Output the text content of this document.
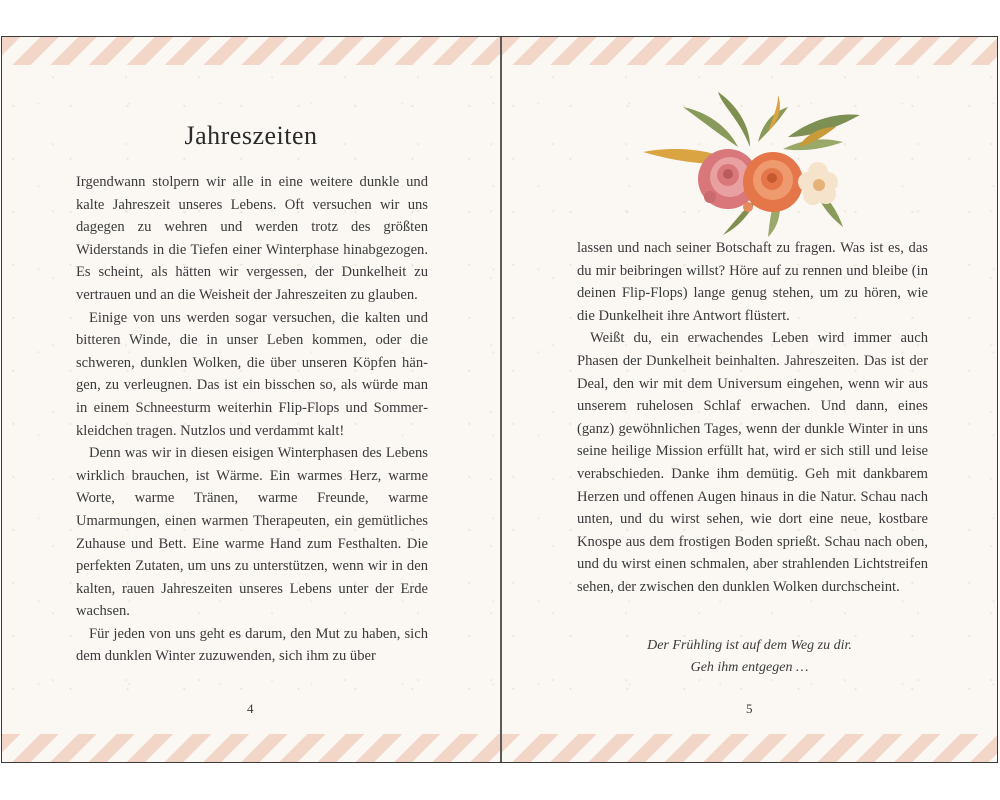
Jahreszeiten

Irgendwann stolpern wir alle in eine weitere dunkle und kalte Jahreszeit unseres Lebens. Oft versuchen wir uns dagegen zu wehren und werden trotz des größten Widerstands in die Tiefen einer Winterphase hinabgezogen. Es scheint, als hätten wir vergessen, der Dunkelheit zu vertrauen und an die Weisheit der Jahreszeiten zu glauben.

Einige von uns werden sogar versuchen, die kalten und bitteren Winde, die in unser Leben kommen, oder die schweren, dunklen Wolken, die über unseren Köpfen hängen, zu verleugnen. Das ist ein bisschen so, als würde man in einem Schneesturm weiterhin Flip-Flops und Sommerkleidchen tragen. Nutzlos und verdammt kalt!

Denn was wir in diesen eisigen Winterphasen des Lebens wirklich brauchen, ist Wärme. Ein warmes Herz, warme Worte, warme Tränen, warme Freunde, warme Umarmungen, einen warmen Therapeuten, ein gemütliches Zuhause und Bett. Eine warme Hand zum Festhalten. Die perfekten Zutaten, um uns zu unterstützen, wenn wir in den kalten, rauen Jahreszeiten unseres Lebens unter der Erde wachsen.

Für jeden von uns geht es darum, den Mut zu haben, sich dem dunklen Winter zuzuwenden, sich ihm zu über

4

lassen und nach seiner Botschaft zu fragen. Was ist es, das du mir beibringen willst? Höre auf zu rennen und bleibe (in deinen Flip-Flops) lange genug stehen, um zu hören, wie die Dunkelheit ihre Antwort flüstert.

Weißt du, ein erwachendes Leben wird immer auch Phasen der Dunkelheit beinhalten. Jahreszeiten. Das ist der Deal, den wir mit dem Universum eingehen, wenn wir aus unserem ruhelosen Schlaf erwachen. Und dann, eines (ganz) gewöhnlichen Tages, wenn der dunkle Winter in uns seine heilige Mission erfüllt hat, wird er sich still und leise verabschieden. Danke ihm demütig. Geh mit dankbarem Herzen und offenen Augen hinaus in die Natur. Schau nach unten, und du wirst sehen, wie dort eine neue, kostbare Knospe aus dem frostigen Boden sprießt. Schau nach oben, und du wirst einen schmalen, aber strahlenden Lichtstreifen sehen, der zwischen den dunklen Wolken durchscheint.

Der Frühling ist auf dem Weg zu dir.
Geh ihm entgegen …
5
